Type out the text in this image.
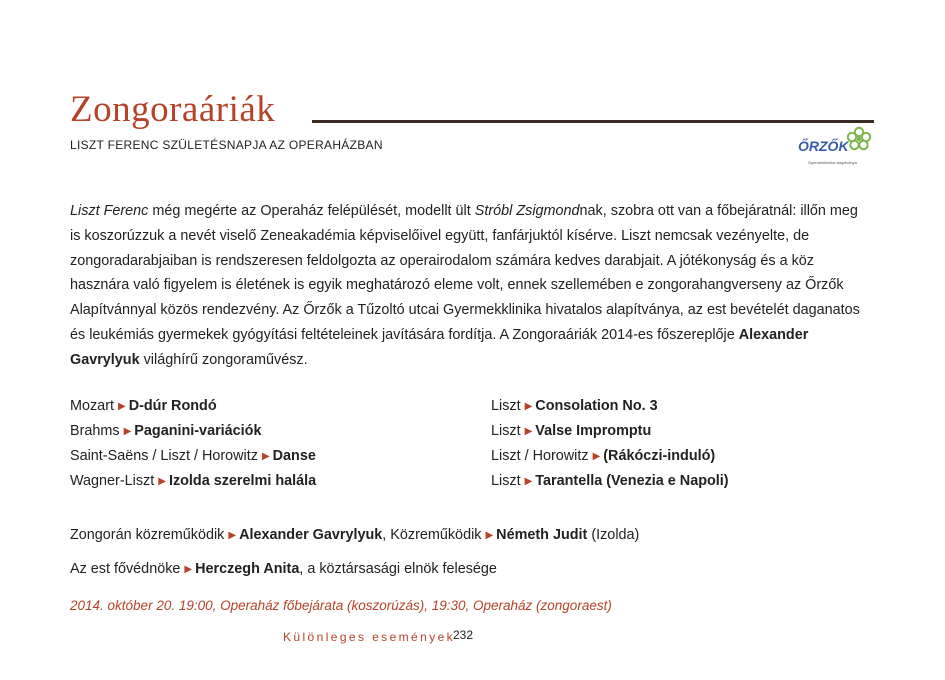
Zongoraáriák
LISZT FERENC SZÜLETÉSNAPJA AZ OPERAHÁZBAN	ŐRZŐK
Gyermekklinika alapítványa
Liszt Ferenc még megérte az Operaház felépülését, modellt ült Stróbl Zsigmondnak, szobra ott van a főbejáratnál: illőn meg is koszorúzzuk a nevét viselő Zeneakadémia képviselőivel együtt, fanfárjuktól kísérve. Liszt nemcsak vezényelte, de zongoradarabjaiban is rendszeresen feldolgozta az operairodalom számára kedves darabjait. A jótékonyság és a köz hasznára való figyelem is életének is egyik meghatározó eleme volt, ennek szellemében e zongorahangverseny az Őrzők Alapítvánnyal közös rendezvény. Az Őrzők a Tűzoltó utcai Gyermekklinika hivatalos alapítványa, az est bevételét daganatos és leukémiás gyermekek gyógyítási feltételeinek javítására fordítja. A Zongoraáriák 2014-es főszereplője Alexander Gavrylyuk világhírű zongoraművész.
Mozart ▶ D-dúr Rondó
Brahms ▶ Paganini-variációk
Saint-Saëns / Liszt / Horowitz ▶ Danse
Wagner-Liszt ▶ Izolda szerelmi halála
Liszt ▶ Consolation No. 3
Liszt ▶ Valse Impromptu
Liszt / Horowitz ▶ (Rákóczi-induló)
Liszt ▶ Tarantella (Venezia e Napoli)
Zongorán közreműködik ▶ Alexander Gavrylyuk, Közreműködik ▶ Németh Judit (Izolda)
Az est fővédnöke ▶ Herczegh Anita, a köztársasági elnök felesége
2014. október 20. 19:00, Operaház főbejárata (koszorúzás), 19:30, Operaház (zongoraest)
Különleges események
232
